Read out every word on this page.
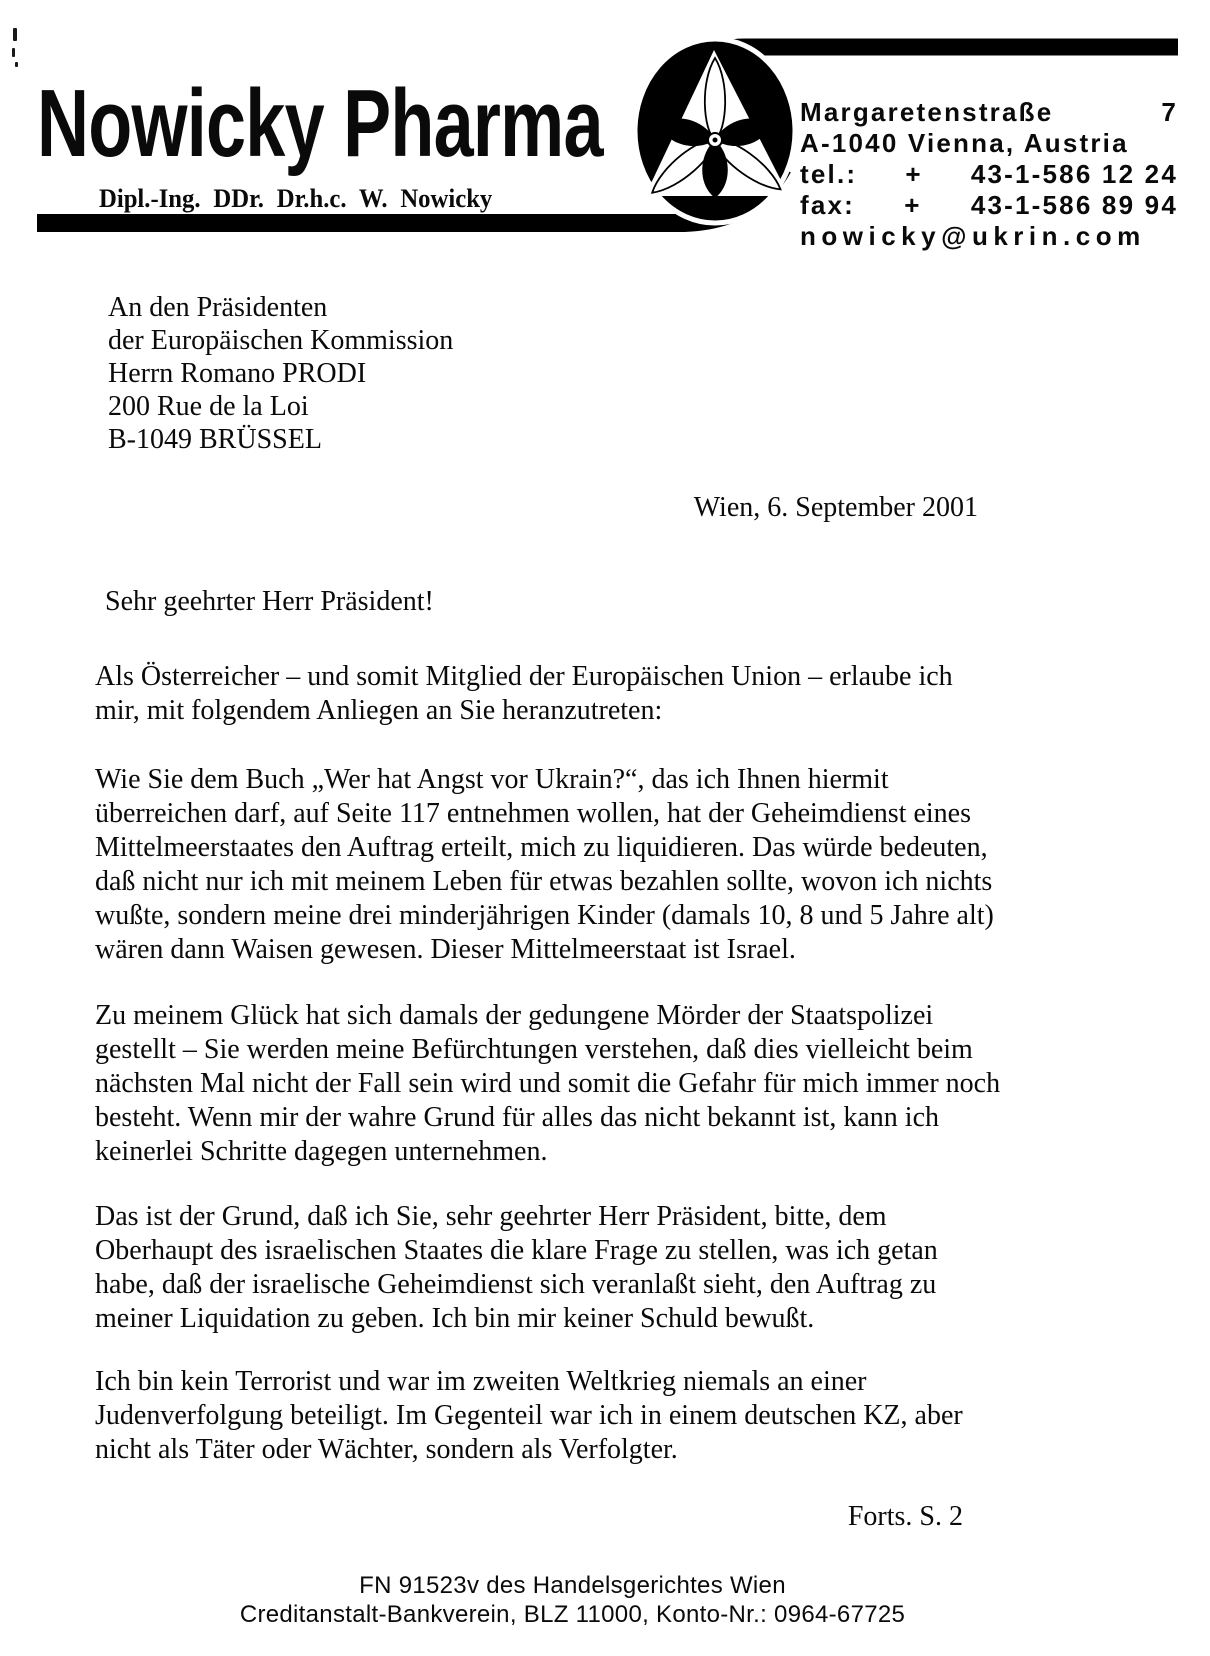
Nowicky Pharma
Dipl.-Ing. DDr. Dr.h.c. W. Nowicky
Margaretenstraße	7
A-1040 Vienna, Austria
tel.: + 43-1-586 12 24
fax: + 43-1-586 89 94
nowicky@ukrin.com
An den Präsidenten
der Europäischen Kommission
Herrn Romano PRODI
200 Rue de la Loi
B-1049 BRÜSSEL
Wien, 6. September 2001
Sehr geehrter Herr Präsident!
Als Österreicher – und somit Mitglied der Europäischen Union – erlaube ich
mir, mit folgendem Anliegen an Sie heranzutreten:
Wie Sie dem Buch „Wer hat Angst vor Ukrain?“, das ich Ihnen hiermit
überreichen darf, auf Seite 117 entnehmen wollen, hat der Geheimdienst eines
Mittelmeerstaates den Auftrag erteilt, mich zu liquidieren. Das würde bedeuten,
daß nicht nur ich mit meinem Leben für etwas bezahlen sollte, wovon ich nichts
wußte, sondern meine drei minderjährigen Kinder (damals 10, 8 und 5 Jahre alt)
wären dann Waisen gewesen. Dieser Mittelmeerstaat ist Israel.
Zu meinem Glück hat sich damals der gedungene Mörder der Staatspolizei
gestellt – Sie werden meine Befürchtungen verstehen, daß dies vielleicht beim
nächsten Mal nicht der Fall sein wird und somit die Gefahr für mich immer noch
besteht. Wenn mir der wahre Grund für alles das nicht bekannt ist, kann ich
keinerlei Schritte dagegen unternehmen.
Das ist der Grund, daß ich Sie, sehr geehrter Herr Präsident, bitte, dem
Oberhaupt des israelischen Staates die klare Frage zu stellen, was ich getan
habe, daß der israelische Geheimdienst sich veranlaßt sieht, den Auftrag zu
meiner Liquidation zu geben. Ich bin mir keiner Schuld bewußt.
Ich bin kein Terrorist und war im zweiten Weltkrieg niemals an einer
Judenverfolgung beteiligt. Im Gegenteil war ich in einem deutschen KZ, aber
nicht als Täter oder Wächter, sondern als Verfolgter.
Forts. S. 2
FN 91523v des Handelsgerichtes Wien
Creditanstalt-Bankverein, BLZ 11000, Konto-Nr.: 0964-67725
